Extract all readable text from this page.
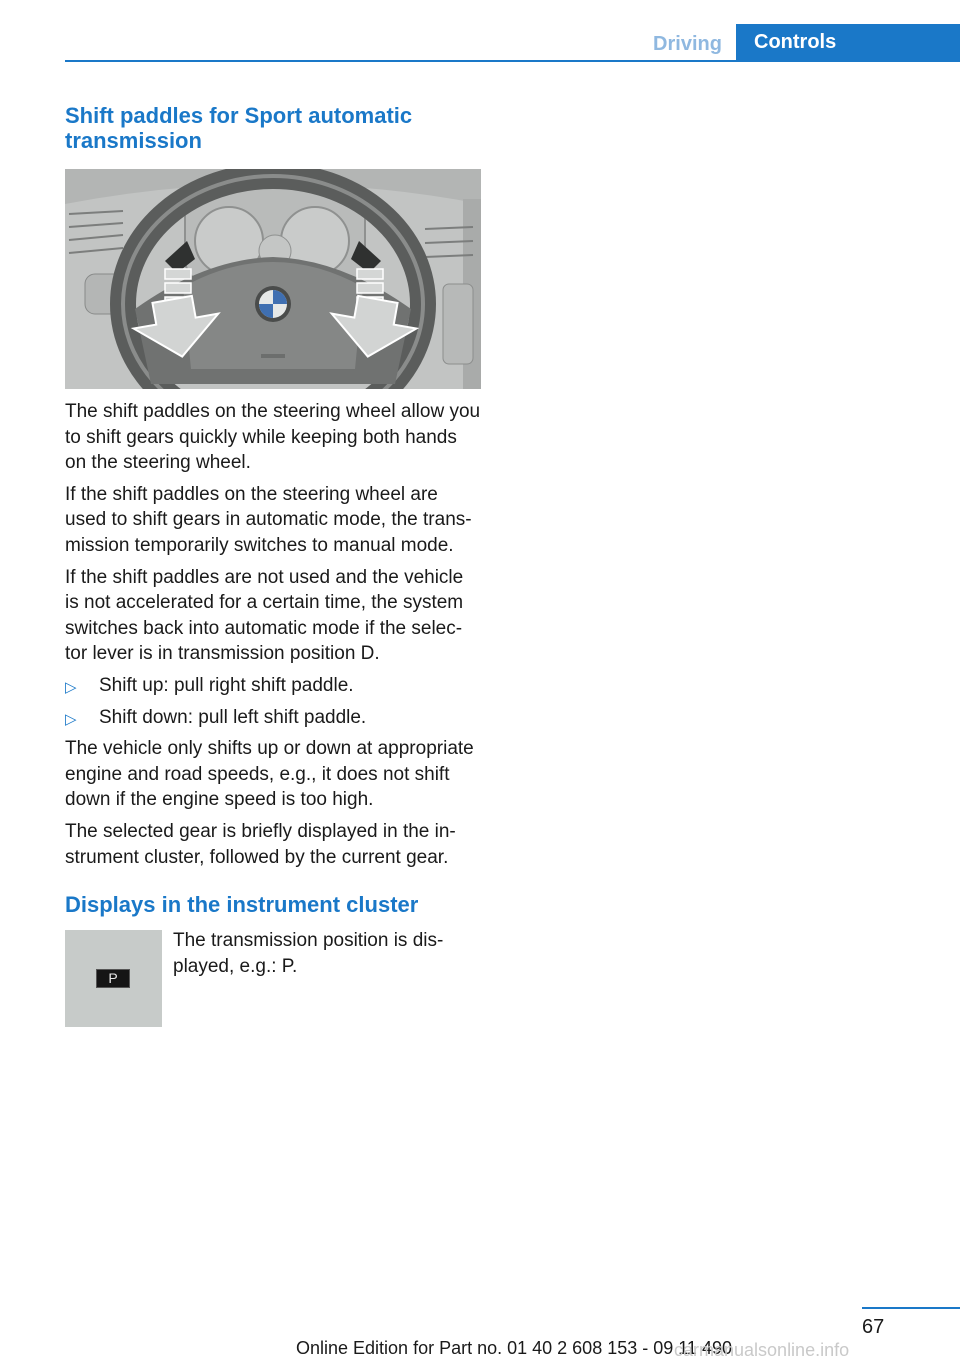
Driving	Controls
Shift paddles for Sport automatic transmission

The shift paddles on the steering wheel allow you to shift gears quickly while keeping both hands on the steering wheel.

If the shift paddles on the steering wheel are used to shift gears in automatic mode, the trans-mission temporarily switches to manual mode.

If the shift paddles are not used and the vehicle is not accelerated for a certain time, the system switches back into automatic mode if the selec-tor lever is in transmission position D.

▷ Shift up: pull right shift paddle.
▷ Shift down: pull left shift paddle.

The vehicle only shifts up or down at appropriate engine and road speeds, e.g., it does not shift down if the engine speed is too high.

The selected gear is briefly displayed in the in-strument cluster, followed by the current gear.

Displays in the instrument cluster
P
The transmission position is dis-played, e.g.: P.
67
Online Edition for Part no. 01 40 2 608 153 - 09 11 490
carmanualsonline.info
